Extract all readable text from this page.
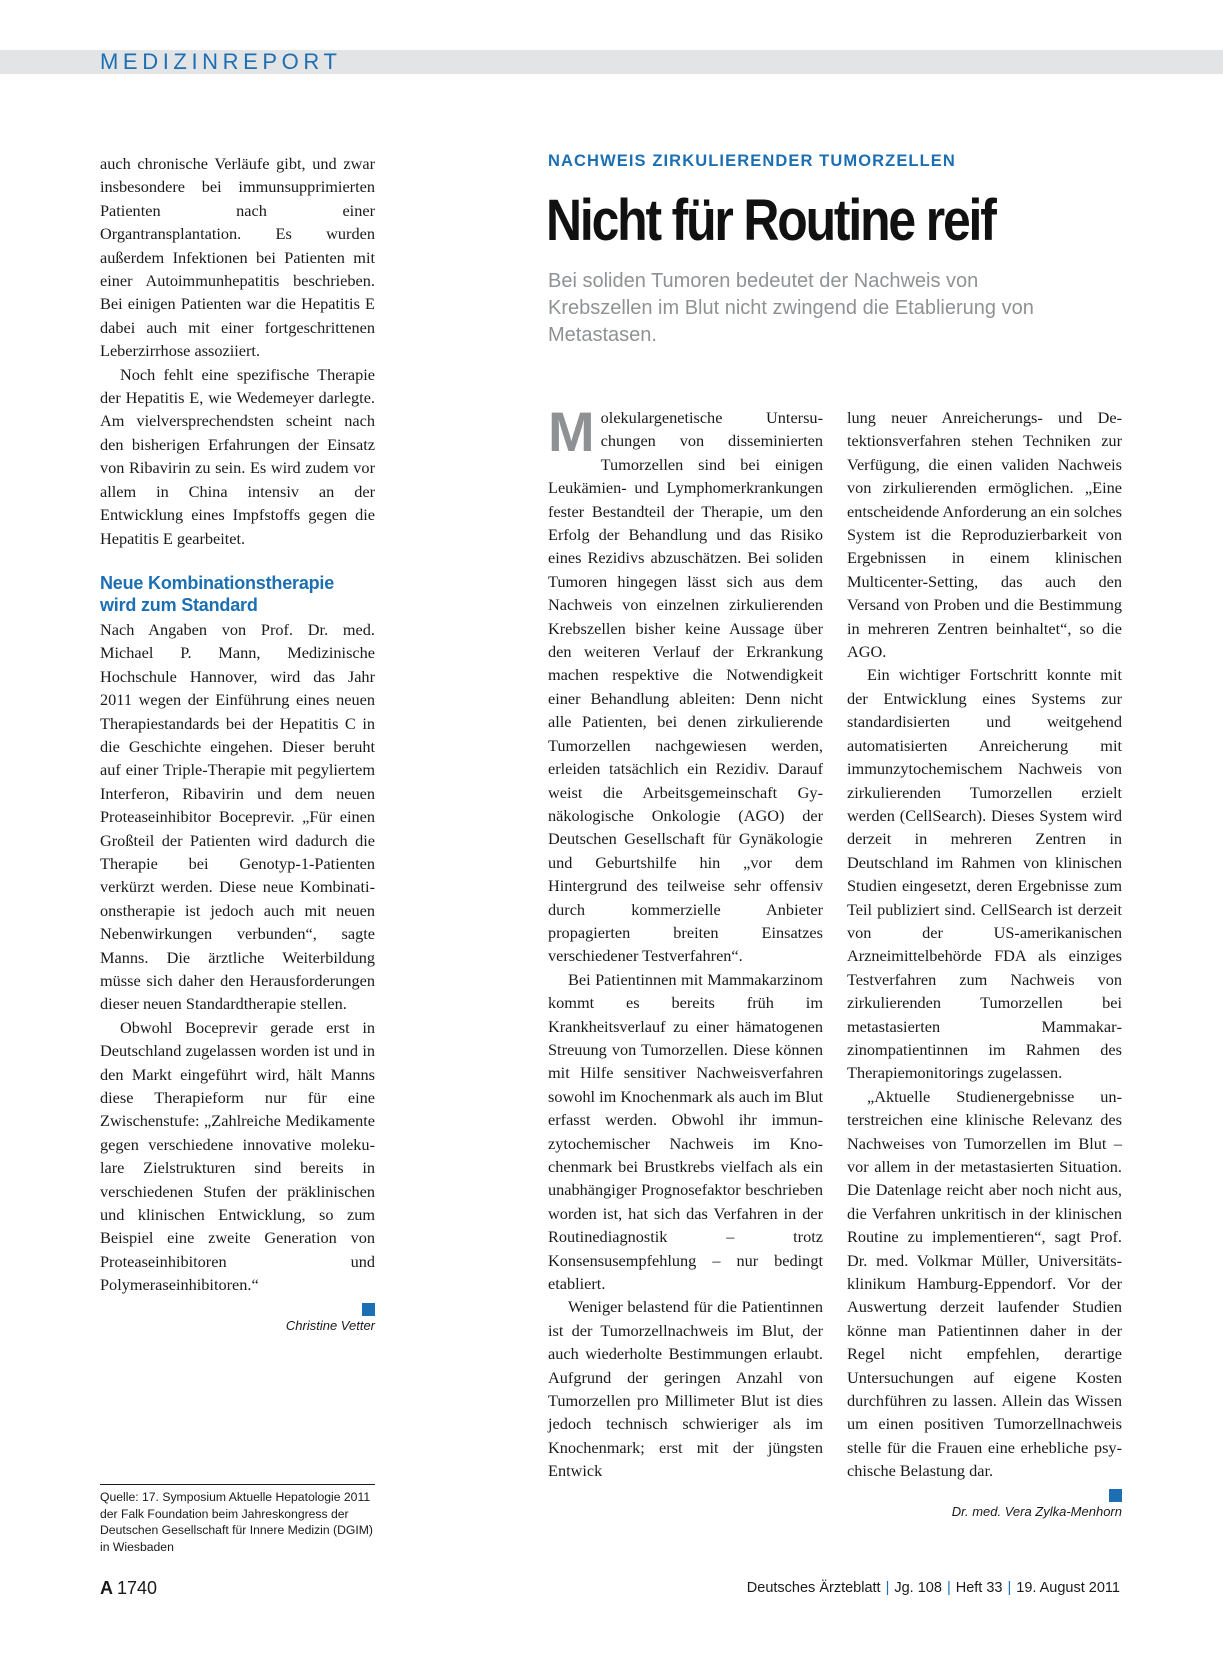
MEDIZINREPORT

auch chronische Verläufe gibt, und zwar insbesondere bei immunsupprimierten Patienten nach einer Organtransplantation. Es wurden außerdem Infektionen bei Patienten mit einer Autoimmunhepatitis beschrieben. Bei einigen Patienten war die Hepatitis E dabei auch mit einer fortgeschrittenen Leberzirrhose assoziiert.

Noch fehlt eine spezifische Therapie der Hepatitis E, wie Wedemeyer darlegte. Am vielversprechendsten scheint nach den bisherigen Erfahrungen der Einsatz von Ribavirin zu sein. Es wird zudem vor allem in China intensiv an der Entwicklung eines Impfstoffs gegen die Hepatitis E gearbeitet.

Neue Kombinationstherapie wird zum Standard

Nach Angaben von Prof. Dr. med. Michael P. Mann, Medizinische Hochschule Hannover, wird das Jahr 2011 wegen der Einführung eines neuen Therapiestandards bei der Hepatitis C in die Geschichte eingehen. Dieser beruht auf einer Triple-Therapie mit pegyliertem Interferon, Ribavirin und dem neuen Proteaseinhibitor Boceprevir. „Für einen Großteil der Patienten wird dadurch die Therapie bei Genotyp-1-Patienten verkürzt werden. Diese neue Kombinationstherapie ist jedoch auch mit neuen Nebenwirkungen verbunden“, sagte Manns. Die ärztliche Weiterbildung müsse sich daher den Herausforderungen dieser neuen Standardtherapie stellen.

Obwohl Boceprevir gerade erst in Deutschland zugelassen worden ist und in den Markt eingeführt wird, hält Manns diese Therapieform nur für eine Zwischenstufe: „Zahlreiche Medikamente gegen verschiedene innovative molekulare Zielstrukturen sind bereits in verschiedenen Stufen der präklinischen und klinischen Entwicklung, so zum Beispiel eine zweite Generation von Proteaseinhibitoren und Polymeraseinhibitoren.“

Christine Vetter
Quelle: 17. Symposium Aktuelle Hepatologie 2011 der Falk Foundation beim Jahreskongress der Deutschen Gesellschaft für Innere Medizin (DGIM) in Wiesbaden
NACHWEIS ZIRKULIERENDER TUMORZELLEN
Nicht für Routine reif
Bei soliden Tumoren bedeutet der Nachweis von Krebszellen im Blut nicht zwingend die Etablierung von Metastasen.

Molekulargenetische Untersuchungen von disseminierten Tumorzellen sind bei einigen Leukämien- und Lymphomerkrankungen fester Bestandteil der Therapie, um den Erfolg der Behandlung und das Risiko eines Rezidivs abzuschätzen. Bei soliden Tumoren hingegen lässt sich aus dem Nachweis von einzelnen zirkulierenden Krebszellen bisher keine Aussage über den weiteren Verlauf der Erkrankung machen respektive die Notwendigkeit einer Behandlung ableiten: Denn nicht alle Patienten, bei denen zirkulierende Tumorzellen nachgewiesen werden, erleiden tatsächlich ein Rezidiv. Darauf weist die Arbeitsgemeinschaft Gynäkologische Onkologie (AGO) der Deutschen Gesellschaft für Gynäkologie und Geburtshilfe hin „vor dem Hintergrund des teilweise sehr offensiv durch kommerzielle Anbieter propagierten breiten Einsatzes verschiedener Testverfahren“.

Bei Patientinnen mit Mammakarzinom kommt es bereits früh im Krankheitsverlauf zu einer hämatogenen Streuung von Tumorzellen. Diese können mit Hilfe sensitiver Nachweisverfahren sowohl im Knochenmark als auch im Blut erfasst werden. Obwohl ihr immunzytochemischer Nachweis im Knochenmark bei Brustkrebs vielfach als ein unabhängiger Prognosefaktor beschrieben worden ist, hat sich das Verfahren in der Routinediagnostik – trotz Konsensusempfehlung – nur bedingt etabliert.

Weniger belastend für die Patientinnen ist der Tumorzellnachweis im Blut, der auch wiederholte Bestimmungen erlaubt. Aufgrund der geringen Anzahl von Tumorzellen pro Millimeter Blut ist dies jedoch technisch schwieriger als im Knochenmark; erst mit der jüngsten Entwick

lung neuer Anreicherungs- und Detektionsverfahren stehen Techniken zur Verfügung, die einen validen Nachweis von zirkulierenden ermöglichen. „Eine entscheidende Anforderung an ein solches System ist die Reproduzierbarkeit von Ergebnissen in einem klinischen Multicenter-Setting, das auch den Versand von Proben und die Bestimmung in mehreren Zentren beinhaltet“, so die AGO.

Ein wichtiger Fortschritt konnte mit der Entwicklung eines Systems zur standardisierten und weitgehend automatisierten Anreicherung mit immunzytochemischem Nachweis von zirkulierenden Tumorzellen erzielt werden (CellSearch). Dieses System wird derzeit in mehreren Zentren in Deutschland im Rahmen von klinischen Studien eingesetzt, deren Ergebnisse zum Teil publiziert sind. CellSearch ist derzeit von der US-amerikanischen Arzneimittelbehörde FDA als einziges Testverfahren zum Nachweis von zirkulierenden Tumorzellen bei metastasierten Mammakarzinompatientinnen im Rahmen des Therapiemonitorings zugelassen.

„Aktuelle Studienergebnisse unterstreichen eine klinische Relevanz des Nachweises von Tumorzellen im Blut – vor allem in der metastasierten Situation. Die Datenlage reicht aber noch nicht aus, die Verfahren unkritisch in der klinischen Routine zu implementieren“, sagt Prof. Dr. med. Volkmar Müller, Universitätsklinikum Hamburg-Eppendorf. Vor der Auswertung derzeit laufender Studien könne man Patientinnen daher in der Regel nicht empfehlen, derartige Untersuchungen auf eigene Kosten durchführen zu lassen. Allein das Wissen um einen positiven Tumorzellnachweis stelle für die Frauen eine erhebliche psychische Belastung dar.

Dr. med. Vera Zylka-Menhorn
A 1740	Deutsches Ärzteblatt | Jg. 108 | Heft 33 | 19. August 2011
